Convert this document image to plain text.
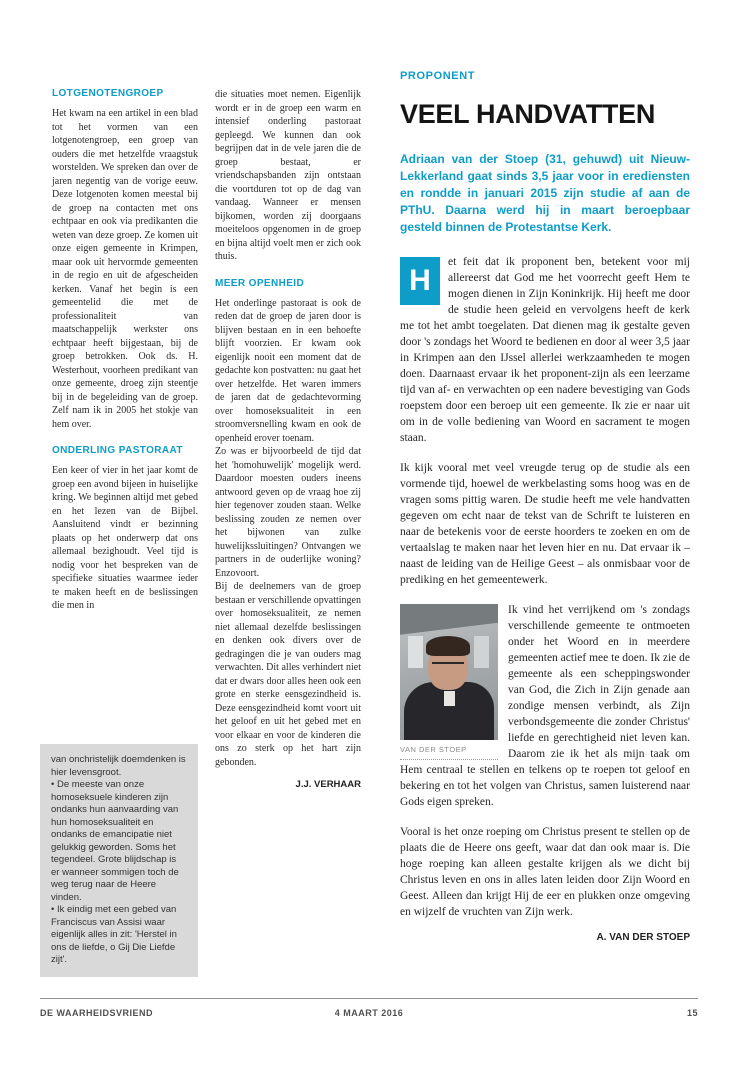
LOTGENOTENGROEP

Het kwam na een artikel in een blad tot het vormen van een lotgenotengroep, een groep van ouders die met hetzelfde vraagstuk worstelden. We spreken dan over de jaren negentig van de vorige eeuw. Deze lotgenoten komen meestal bij de groep na contacten met ons echtpaar en ook via predikanten die weten van deze groep. Ze komen uit onze eigen gemeente in Krimpen, maar ook uit hervormde gemeenten in de regio en uit de afgescheiden kerken. Vanaf het begin is een gemeentelid die met de professionaliteit van maatschappelijk werkster ons echtpaar heeft bijgestaan, bij de groep betrokken. Ook ds. H. Westerhout, voorheen predikant van onze gemeente, droeg zijn steentje bij in de begeleiding van de groep. Zelf nam ik in 2005 het stokje van hem over.

ONDERLING PASTORAAT

Een keer of vier in het jaar komt de groep een avond bijeen in huiselijke kring. We beginnen altijd met gebed en het lezen van de Bijbel. Aansluitend vindt er bezinning plaats op het onderwerp dat ons allemaal bezighoudt. Veel tijd is nodig voor het bespreken van de specifieke situaties waarmee ieder te maken heeft en de beslissingen die men in

die situaties moet nemen. Eigenlijk wordt er in de groep een warm en intensief onderling pastoraat gepleegd. We kunnen dan ook begrijpen dat in de vele jaren die de groep bestaat, er vriendschapsbanden zijn ontstaan die voortduren tot op de dag van vandaag. Wanneer er mensen bijkomen, worden zij doorgaans moeiteloos opgenomen in de groep en bijna altijd voelt men er zich ook thuis.

MEER OPENHEID

Het onderlinge pastoraat is ook de reden dat de groep de jaren door is blijven bestaan en in een behoefte blijft voorzien. Er kwam ook eigenlijk nooit een moment dat de gedachte kon postvatten: nu gaat het over hetzelfde. Het waren immers de jaren dat de gedachtevorming over homoseksualiteit in een stroomversnelling kwam en ook de openheid erover toenam.

Zo was er bijvoorbeeld de tijd dat het 'homohuwelijk' mogelijk werd. Daardoor moesten ouders ineens antwoord geven op de vraag hoe zij hier tegenover zouden staan. Welke beslissing zouden ze nemen over het bijwonen van zulke huwelijkssluitingen? Ontvangen we partners in de ouderlijke woning? Enzovoort.

Bij de deelnemers van de groep bestaan er verschillende opvattingen over homoseksualiteit, ze nemen niet allemaal dezelfde beslissingen en denken ook divers over de gedragingen die je van ouders mag verwachten. Dit alles verhindert niet dat er dwars door alles heen ook een grote en sterke eensgezindheid is. Deze eensgezindheid komt voort uit het geloof en uit het gebed met en voor elkaar en voor de kinderen die ons zo sterk op het hart zijn gebonden.

J.J. VERHAAR

van onchristelijk doemdenken is hier levensgroot.

• De meeste van onze homoseksuele kinderen zijn ondanks hun aanvaarding van hun homoseksualiteit en ondanks de emancipatie niet gelukkig geworden. Soms het tegendeel. Grote blijdschap is er wanneer sommigen toch de weg terug naar de Heere vinden.

• Ik eindig met een gebed van Franciscus van Assisi waar eigenlijk alles in zit: 'Herstel in ons de liefde, o Gij Die Liefde zijt'.

PROPONENT
VEEL HANDVATTEN

Adriaan van der Stoep (31, gehuwd) uit Nieuw-Lekkerland gaat sinds 3,5 jaar voor in erediensten en rondde in januari 2015 zijn studie af aan de PThU. Daarna werd hij in maart beroepbaar gesteld binnen de Protestantse Kerk.

H
et feit dat ik proponent ben, betekent voor mij allereerst dat God me het voorrecht geeft Hem te mogen dienen in Zijn Koninkrijk. Hij heeft me door de studie heen geleid en vervolgens heeft de kerk me tot het ambt toegelaten. Dat dienen mag ik gestalte geven door 's zondags het Woord te bedienen en door al weer 3,5 jaar in Krimpen aan den IJssel allerlei werkzaamheden te mogen doen. Daarnaast ervaar ik het proponent-zijn als een leerzame tijd van af- en verwachten op een nadere bevestiging van Gods roepstem door een beroep uit een gemeente. Ik zie er naar uit om in de volle bediening van Woord en sacrament te mogen staan.

Ik kijk vooral met veel vreugde terug op de studie als een vormende tijd, hoewel de werkbelasting soms hoog was en de vragen soms pittig waren. De studie heeft me vele handvatten gegeven om echt naar de tekst van de Schrift te luisteren en naar de betekenis voor de eerste hoorders te zoeken en om de vertaalslag te maken naar het leven hier en nu. Dat ervaar ik – naast de leiding van de Heilige Geest – als onmisbaar voor de prediking en het gemeentewerk.

VAN DER STOEP

Ik vind het verrijkend om 's zondags verschillende gemeente te ontmoeten onder het Woord en in meerdere gemeenten actief mee te doen. Ik zie de gemeente als een scheppingswonder van God, die Zich in Zijn genade aan zondige mensen verbindt, als Zijn verbondsgemeente die zonder Christus' liefde en gerechtigheid niet leven kan. Daarom zie ik het als mijn taak om Hem centraal te stellen en telkens op te roepen tot geloof en bekering en tot het volgen van Christus, samen luisterend naar Gods eigen spreken.

Vooral is het onze roeping om Christus present te stellen op de plaats die de Heere ons geeft, waar dat dan ook maar is. Die hoge roeping kan alleen gestalte krijgen als we dicht bij Christus leven en ons in alles laten leiden door Zijn Woord en Geest. Alleen dan krijgt Hij de eer en plukken onze omgeving en wijzelf de vruchten van Zijn werk.

A. VAN DER STOEP
DE WAARHEIDSVRIEND	4 MAART 2016	15
